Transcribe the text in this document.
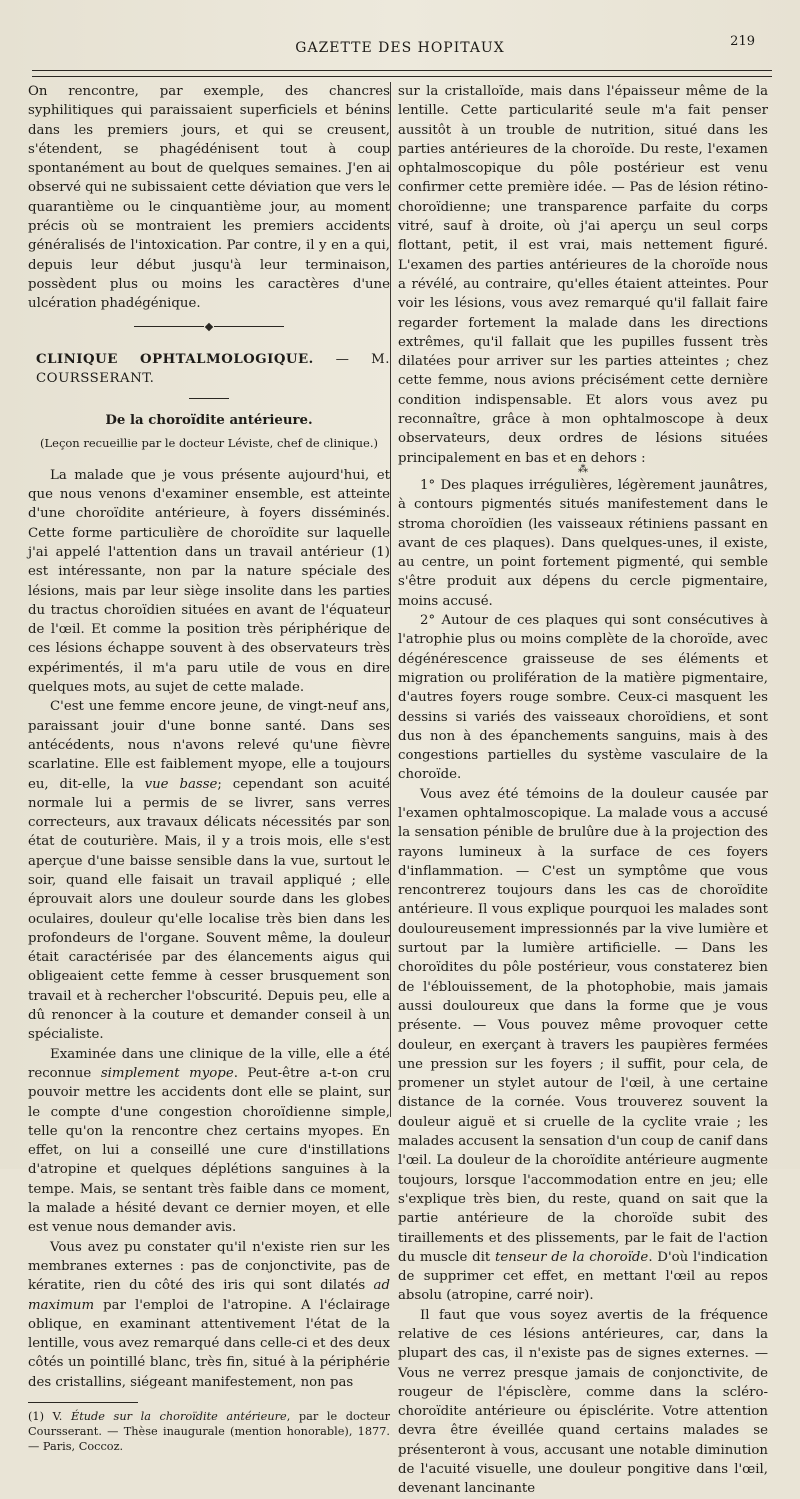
GAZETTE DES HOPITAUX	219

On rencontre, par exemple, des chancres syphilitiques qui paraissaient superficiels et bénins dans les premiers jours, et qui se creusent, s'étendent, se phagédénisent tout à coup spontanément au bout de quelques semaines. J'en ai observé qui ne subissaient cette déviation que vers le quarantième ou le cinquantième jour, au moment précis où se montraient les premiers accidents généralisés de l'intoxication. Par contre, il y en a qui, depuis leur début jusqu'à leur terminaison, possèdent plus ou moins les caractères d'une ulcération phadégénique.

CLINIQUE OPHTALMOLOGIQUE. — M. COURSSERANT.
De la choroïdite antérieure.
(Leçon recueillie par le docteur Léviste, chef de clinique.)

La malade que je vous présente aujourd'hui, et que nous venons d'examiner ensemble, est atteinte d'une choroïdite antérieure, à foyers disséminés. Cette forme particulière de choroïdite sur laquelle j'ai appelé l'attention dans un travail antérieur (1) est intéressante, non par la nature spéciale des lésions, mais par leur siège insolite dans les parties du tractus choroïdien situées en avant de l'équateur de l'œil. Et comme la position très périphérique de ces lésions échappe souvent à des observateurs très expérimentés, il m'a paru utile de vous en dire quelques mots, au sujet de cette malade.

C'est une femme encore jeune, de vingt-neuf ans, paraissant jouir d'une bonne santé. Dans ses antécédents, nous n'avons relevé qu'une fièvre scarlatine. Elle est faiblement myope, elle a toujours eu, dit-elle, la vue basse; cependant son acuité normale lui a permis de se livrer, sans verres correcteurs, aux travaux délicats nécessités par son état de couturière. Mais, il y a trois mois, elle s'est aperçue d'une baisse sensible dans la vue, surtout le soir, quand elle faisait un travail appliqué ; elle éprouvait alors une douleur sourde dans les globes oculaires, douleur qu'elle localise très bien dans les profondeurs de l'organe. Souvent même, la douleur était caractérisée par des élancements aigus qui obligeaient cette femme à cesser brusquement son travail et à rechercher l'obscurité. Depuis peu, elle a dû renoncer à la couture et demander conseil à un spécialiste.

Examinée dans une clinique de la ville, elle a été reconnue simplement myope. Peut-être a-t-on cru pouvoir mettre les accidents dont elle se plaint, sur le compte d'une congestion choroïdienne simple, telle qu'on la rencontre chez certains myopes. En effet, on lui a conseillé une cure d'instillations d'atropine et quelques déplétions sanguines à la tempe. Mais, se sentant très faible dans ce moment, la malade a hésité devant ce dernier moyen, et elle est venue nous demander avis.

Vous avez pu constater qu'il n'existe rien sur les membranes externes : pas de conjonctivite, pas de kératite, rien du côté des iris qui sont dilatés ad maximum par l'emploi de l'atropine. A l'éclairage oblique, en examinant attentivement l'état de la lentille, vous avez remarqué dans celle-ci et des deux côtés un pointillé blanc, très fin, situé à la périphérie des cristallins, siégeant manifestement, non pas

(1) V. Étude sur la choroïdite antérieure, par le docteur Coursserant. — Thèse inaugurale (mention honorable), 1877. — Paris, Coccoz.

sur la cristalloïde, mais dans l'épaisseur même de la lentille. Cette particularité seule m'a fait penser aussitôt à un trouble de nutrition, situé dans les parties antérieures de la choroïde. Du reste, l'examen ophtalmoscopique du pôle postérieur est venu confirmer cette première idée. — Pas de lésion rétino-choroïdienne; une transparence parfaite du corps vitré, sauf à droite, où j'ai aperçu un seul corps flottant, petit, il est vrai, mais nettement figuré. L'examen des parties antérieures de la choroïde nous a révélé, au contraire, qu'elles étaient atteintes. Pour voir les lésions, vous avez remarqué qu'il fallait faire regarder fortement la malade dans les directions extrêmes, qu'il fallait que les pupilles fussent très dilatées pour arriver sur les parties atteintes ; chez cette femme, nous avions précisément cette dernière condition indispensable. Et alors vous avez pu reconnaître, grâce à mon ophtalmoscope à deux observateurs, deux ordres de lésions situées principalement en bas et en dehors :

⁂

1° Des plaques irrégulières, légèrement jaunâtres, à contours pigmentés situés manifestement dans le stroma choroïdien (les vaisseaux rétiniens passant en avant de ces plaques). Dans quelques-unes, il existe, au centre, un point fortement pigmenté, qui semble s'être produit aux dépens du cercle pigmentaire, moins accusé.

2° Autour de ces plaques qui sont consécutives à l'atrophie plus ou moins complète de la choroïde, avec dégénérescence graisseuse de ses éléments et migration ou prolifération de la matière pigmentaire, d'autres foyers rouge sombre. Ceux-ci masquent les dessins si variés des vaisseaux choroïdiens, et sont dus non à des épanchements sanguins, mais à des congestions partielles du système vasculaire de la choroïde.

Vous avez été témoins de la douleur causée par l'examen ophtalmoscopique. La malade vous a accusé la sensation pénible de brulûre due à la projection des rayons lumineux à la surface de ces foyers d'inflammation. — C'est un symptôme que vous rencontrerez toujours dans les cas de choroïdite antérieure. Il vous explique pourquoi les malades sont douloureusement impressionnés par la vive lumière et surtout par la lumière artificielle. — Dans les choroïdites du pôle postérieur, vous constaterez bien de l'éblouissement, de la photophobie, mais jamais aussi douloureux que dans la forme que je vous présente. — Vous pouvez même provoquer cette douleur, en exerçant à travers les paupières fermées une pression sur les foyers ; il suffit, pour cela, de promener un stylet autour de l'œil, à une certaine distance de la cornée. Vous trouverez souvent la douleur aiguë et si cruelle de la cyclite vraie ; les malades accusent la sensation d'un coup de canif dans l'œil. La douleur de la choroïdite antérieure augmente toujours, lorsque l'accommodation entre en jeu; elle s'explique très bien, du reste, quand on sait que la partie antérieure de la choroïde subit des tiraillements et des plissements, par le fait de l'action du muscle dit tenseur de la choroïde. D'où l'indication de supprimer cet effet, en mettant l'œil au repos absolu (atropine, carré noir).

Il faut que vous soyez avertis de la fréquence relative de ces lésions antérieures, car, dans la plupart des cas, il n'existe pas de signes externes. — Vous ne verrez presque jamais de conjonctivite, de rougeur de l'épisclère, comme dans la scléro-choroïdite antérieure ou épisclérite. Votre attention devra être éveillée quand certains malades se présenteront à vous, accusant une notable diminution de l'acuité visuelle, une douleur pongitive dans l'œil, devenant lancinante
